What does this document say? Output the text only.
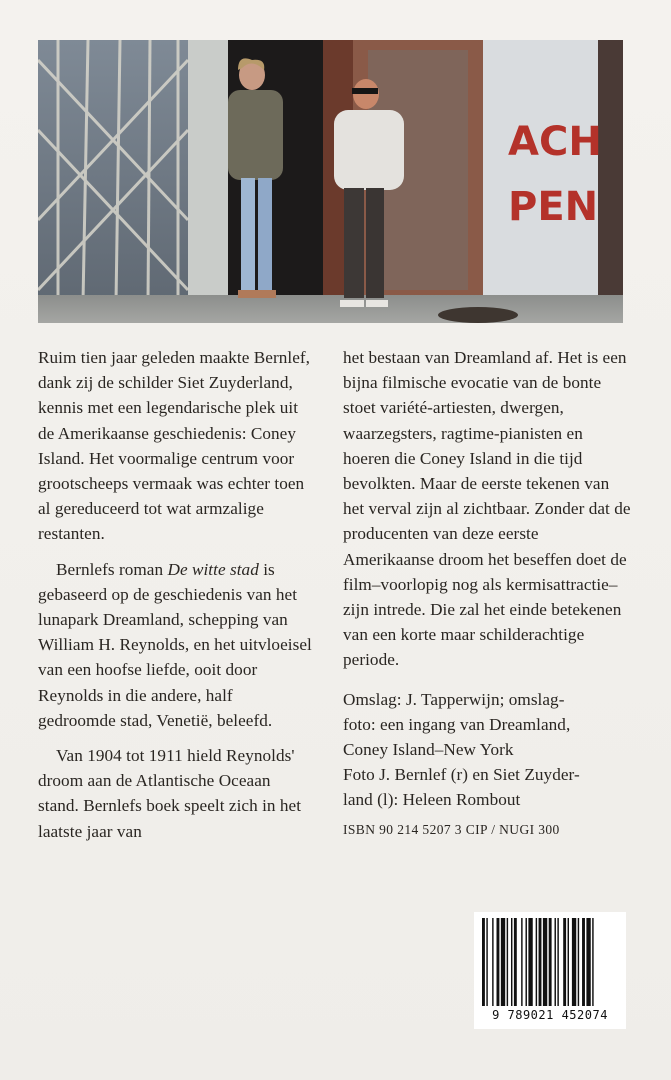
ACH
PEN

Ruim tien jaar geleden maakte Bernlef, dank zij de schilder Siet Zuyderland, kennis met een legendarische plek uit de Amerikaanse geschiedenis: Coney Island. Het voormalige centrum voor grootscheeps vermaak was echter toen al gereduceerd tot wat armzalige restanten.

Bernlefs roman De witte stad is gebaseerd op de geschiedenis van het lunapark Dreamland, schepping van William H. Reynolds, en het uitvloeisel van een hoofse liefde, ooit door Reynolds in die andere, half gedroomde stad, Venetië, beleefd.

Van 1904 tot 1911 hield Reynolds' droom aan de Atlantische Oceaan stand. Bernlefs boek speelt zich in het laatste jaar van

het bestaan van Dreamland af. Het is een bijna filmische evocatie van de bonte stoet variété-artiesten, dwergen, waarzegsters, ragtime-pianisten en hoeren die Coney Island in die tijd bevolkten. Maar de eerste tekenen van het verval zijn al zichtbaar. Zonder dat de producenten van deze eerste Amerikaanse droom het beseffen doet de film–voorlopig nog als kermisattractie–zijn intrede. Die zal het einde betekenen van een korte maar schilderachtige periode.

Omslag: J. Tapperwijn; omslag-
foto: een ingang van Dreamland,
Coney Island–New York
Foto J. Bernlef (r) en Siet Zuyder-
land (l): Heleen Rombout
ISBN 90 214 5207 3 CIP / NUGI 300
9 789021 452074
